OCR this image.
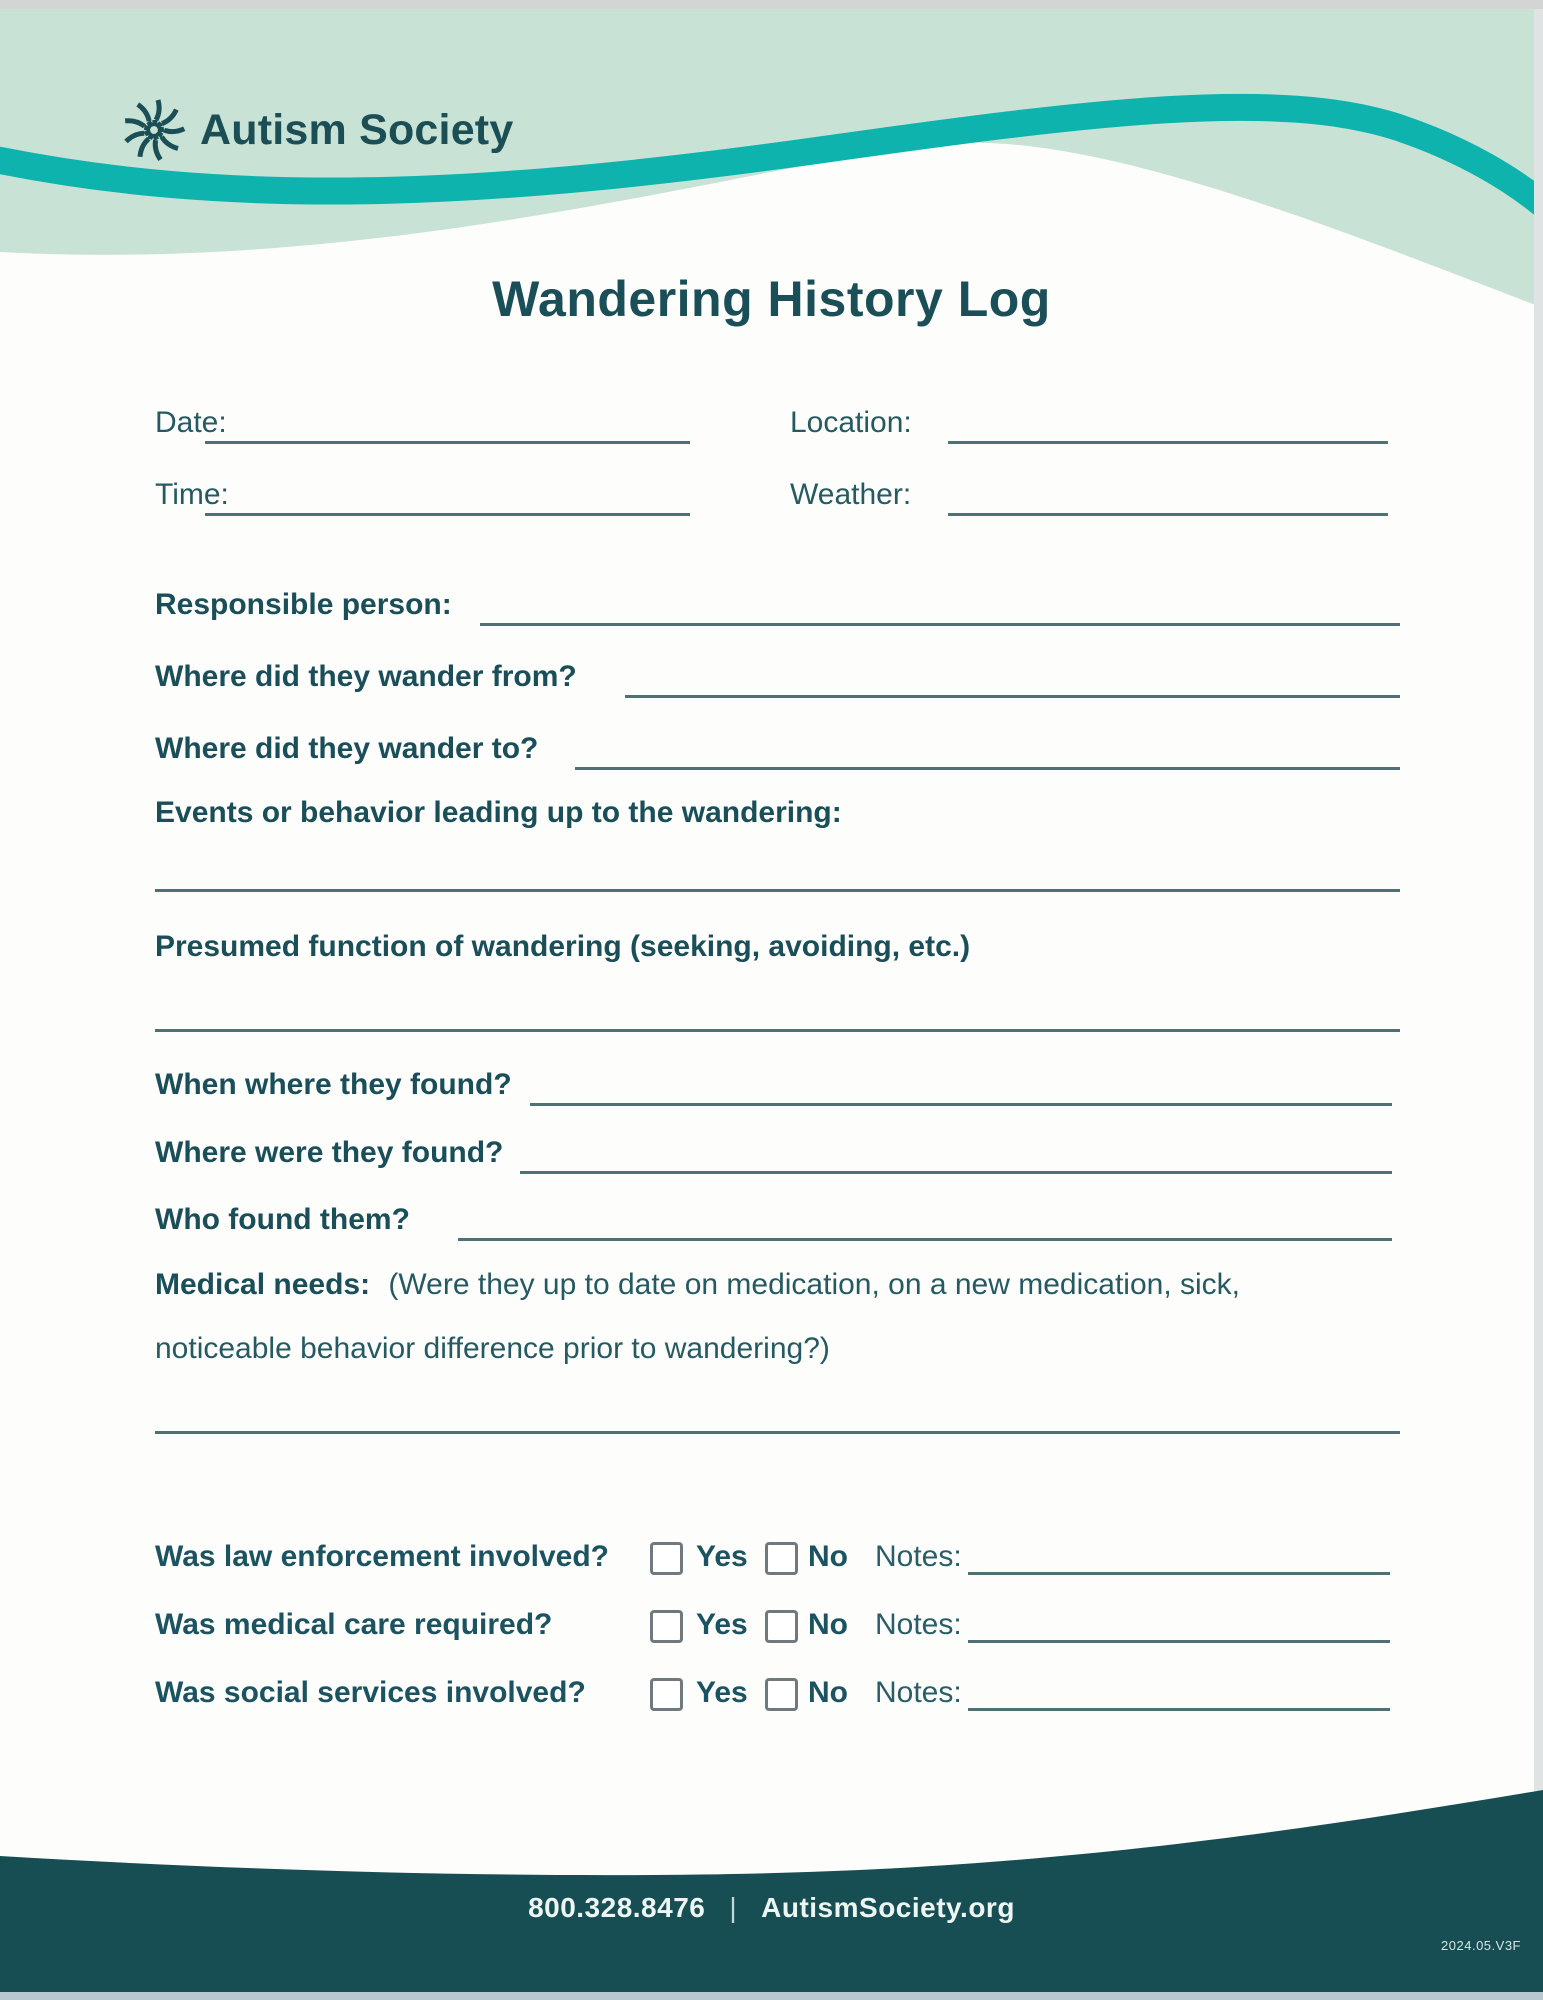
Autism Society
Wandering History Log
Date:	Location:
Time:	Weather:
Responsible person:
Where did they wander from?
Where did they wander to?
Events or behavior leading up to the wandering:
Presumed function of wandering (seeking, avoiding, etc.)
When where they found?
Where were they found?
Who found them?
Medical needs: (Were they up to date on medication, on a new medication, sick,
noticeable behavior difference prior to wandering?)
Was law enforcement involved?	Yes No Notes:
Was medical care required?	Yes No Notes:
Was social services involved?	Yes No Notes:
800.328.8476 | AutismSociety.org
2024.05.V3F
